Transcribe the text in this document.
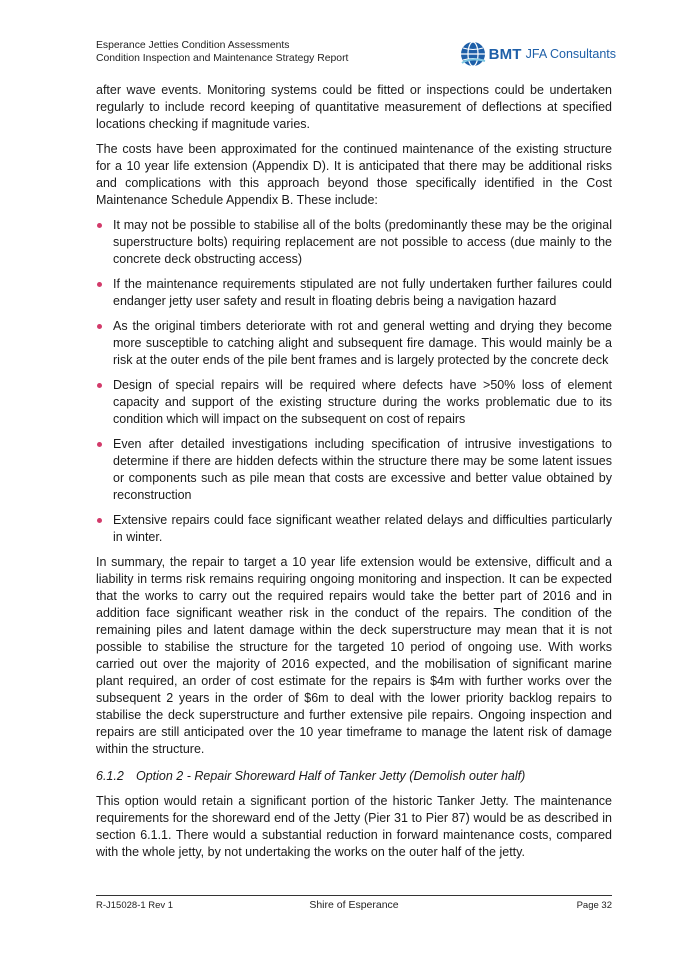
Esperance Jetties Condition Assessments
Condition Inspection and Maintenance Strategy Report	BMT JFA Consultants

after wave events. Monitoring systems could be fitted or inspections could be undertaken regularly to include record keeping of quantitative measurement of deflections at specified locations checking if magnitude varies.

The costs have been approximated for the continued maintenance of the existing structure for a 10 year life extension (Appendix D). It is anticipated that there may be additional risks and complications with this approach beyond those specifically identified in the Cost Maintenance Schedule Appendix B. These include:

It may not be possible to stabilise all of the bolts (predominantly these may be the original superstructure bolts) requiring replacement are not possible to access (due mainly to the concrete deck obstructing access)
If the maintenance requirements stipulated are not fully undertaken further failures could endanger jetty user safety and result in floating debris being a navigation hazard
As the original timbers deteriorate with rot and general wetting and drying they become more susceptible to catching alight and subsequent fire damage. This would mainly be a risk at the outer ends of the pile bent frames and is largely protected by the concrete deck
Design of special repairs will be required where defects have >50% loss of element capacity and support of the existing structure during the works problematic due to its condition which will impact on the subsequent on cost of repairs
Even after detailed investigations including specification of intrusive investigations to determine if there are hidden defects within the structure there may be some latent issues or components such as pile mean that costs are excessive and better value obtained by reconstruction
Extensive repairs could face significant weather related delays and difficulties particularly in winter.

In summary, the repair to target a 10 year life extension would be extensive, difficult and a liability in terms risk remains requiring ongoing monitoring and inspection. It can be expected that the works to carry out the required repairs would take the better part of 2016 and in addition face significant weather risk in the conduct of the repairs. The condition of the remaining piles and latent damage within the deck superstructure may mean that it is not possible to stabilise the structure for the targeted 10 period of ongoing use. With works carried out over the majority of 2016 expected, and the mobilisation of significant marine plant required, an order of cost estimate for the repairs is $4m with further works over the subsequent 2 years in the order of $6m to deal with the lower priority backlog repairs to stabilise the deck superstructure and further extensive pile repairs. Ongoing inspection and repairs are still anticipated over the 10 year timeframe to manage the latent risk of damage within the structure.

6.1.2 Option 2 - Repair Shoreward Half of Tanker Jetty (Demolish outer half)

This option would retain a significant portion of the historic Tanker Jetty. The maintenance requirements for the shoreward end of the Jetty (Pier 31 to Pier 87) would be as described in section 6.1.1. There would a substantial reduction in forward maintenance costs, compared with the whole jetty, by not undertaking the works on the outer half of the jetty.

R-J15028-1 Rev 1	Shire of Esperance	Page 32
